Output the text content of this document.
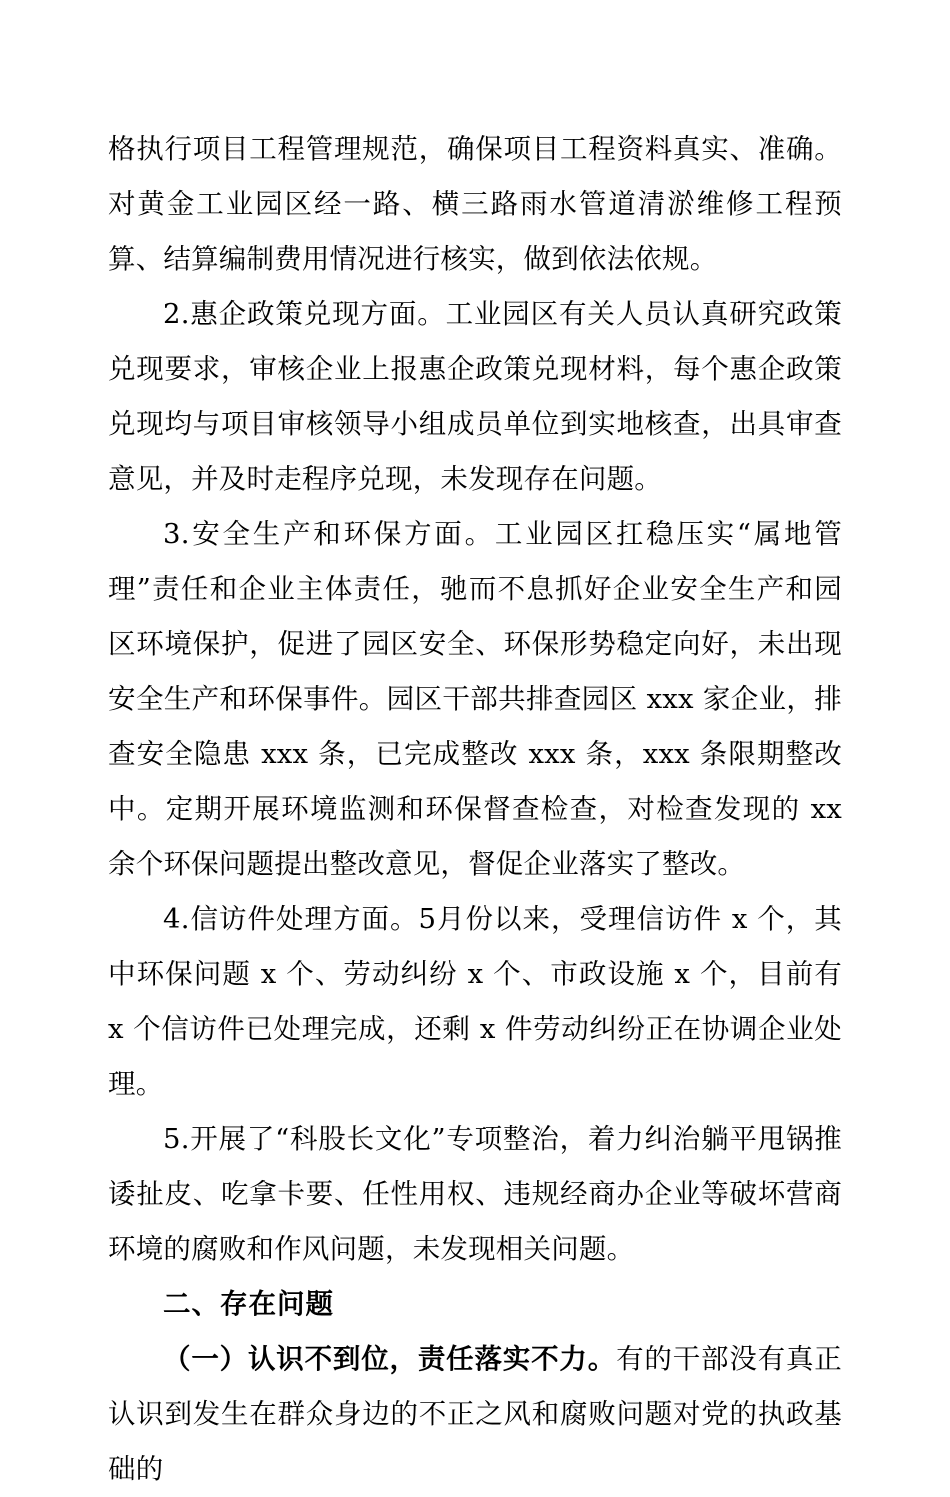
格执行项目工程管理规范，确保项目工程资料真实、准确。对黄金工业园区经一路、横三路雨水管道清淤维修工程预算、结算编制费用情况进行核实，做到依法依规。

2.惠企政策兑现方面。工业园区有关人员认真研究政策兑现要求，审核企业上报惠企政策兑现材料，每个惠企政策兑现均与项目审核领导小组成员单位到实地核查，出具审查意见，并及时走程序兑现，未发现存在问题。

3.安全生产和环保方面。工业园区扛稳压实“属地管理”责任和企业主体责任，驰而不息抓好企业安全生产和园区环境保护，促进了园区安全、环保形势稳定向好，未出现安全生产和环保事件。园区干部共排查园区 xxx 家企业，排查安全隐患 xxx 条，已完成整改 xxx 条，xxx 条限期整改中。定期开展环境监测和环保督查检查，对检查发现的 xx 余个环保问题提出整改意见，督促企业落实了整改。

4.信访件处理方面。5月份以来，受理信访件 x 个，其中环保问题 x 个、劳动纠纷 x 个、市政设施 x 个，目前有 x 个信访件已处理完成，还剩 x 件劳动纠纷正在协调企业处理。

5.开展了“科股长文化”专项整治，着力纠治躺平甩锅推诿扯皮、吃拿卡要、任性用权、违规经商办企业等破坏营商环境的腐败和作风问题，未发现相关问题。

二、存在问题

（一）认识不到位，责任落实不力。有的干部没有真正认识到发生在群众身边的不正之风和腐败问题对党的执政基础的
